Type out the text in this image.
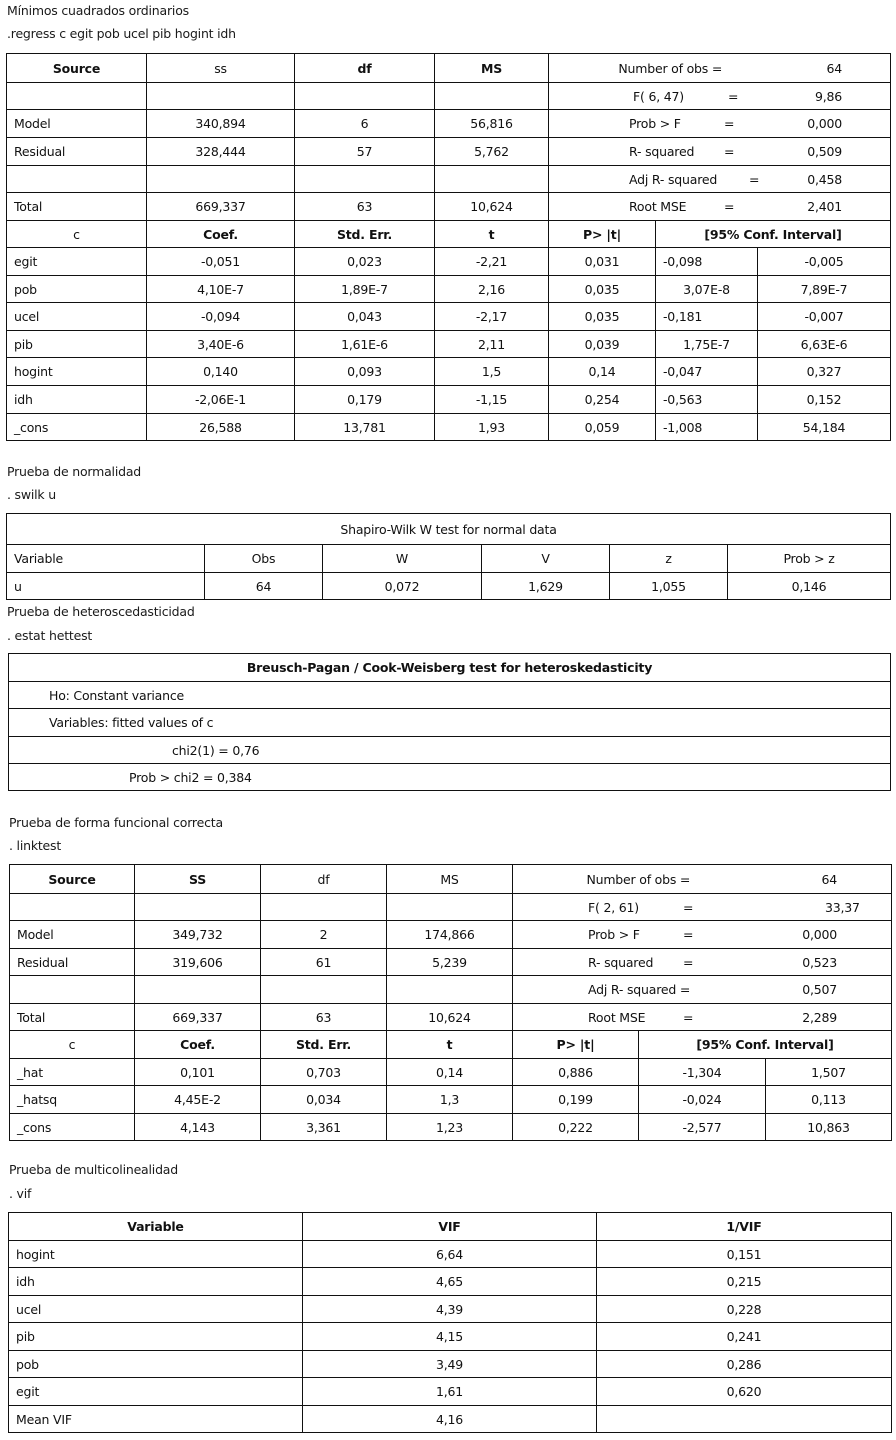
Mínimos cuadrados ordinarios
.regress c egit pob ucel pib hogint idh
Source	ss	df	MS	Number of obs = 64		

				F( 6, 47) = 9,86		

Model	340,894	6	56,816	Prob > F = 0,000		

Residual	328,444	57	5,762	R- squared = 0,509		

				Adj R- squared = 0,458		

Total	669,337	63	10,624	Root MSE = 2,401		

c	Coef.	Std. Err.	t	P> |t|	[95% Conf. Interval]	
egit	-0,051	0,023	-2,21	0,031	-0,098	-0,005
pob	4,10E-7	1,89E-7	2,16	0,035	3,07E-8	7,89E-7
ucel	-0,094	0,043	-2,17	0,035	-0,181	-0,007
pib	3,40E-6	1,61E-6	2,11	0,039	1,75E-7	6,63E-6
hogint	0,140	0,093	1,5	0,14	-0,047	0,327
idh	-2,06E-1	0,179	-1,15	0,254	-0,563	0,152
_cons	26,588	13,781	1,93	0,059	-1,008	54,184
Prueba de normalidad
. swilk u
Shapiro-Wilk W test for normal data					
Variable	Obs	W	V	z	Prob > z
u	64	0,072	1,629	1,055	0,146
Prueba de heteroscedasticidad
. estat hettest
Breusch-Pagan / Cook-Weisberg test for heteroskedasticity
Ho: Constant variance
Variables: fitted values of c
chi2(1) = 0,76
Prob > chi2 = 0,384
Prueba de forma funcional correcta
. linktest
Source	SS	df	MS	Number of obs = 64		

				F( 2, 61) = 33,37		

Model	349,732	2	174,866	Prob > F = 0,000		

Residual	319,606	61	5,239	R- squared = 0,523		

				Adj R- squared = 0,507		

Total	669,337	63	10,624	Root MSE = 2,289		

c	Coef.	Std. Err.	t	P> |t|	[95% Conf. Interval]	
_hat	0,101	0,703	0,14	0,886	-1,304	1,507
_hatsq	4,45E-2	0,034	1,3	0,199	-0,024	0,113
_cons	4,143	3,361	1,23	0,222	-2,577	10,863
Prueba de multicolinealidad
. vif
Variable	VIF	1/VIF
hogint	6,64	0,151
idh	4,65	0,215
ucel	4,39	0,228
pib	4,15	0,241
pob	3,49	0,286
egit	1,61	0,620
Mean VIF	4,16	
